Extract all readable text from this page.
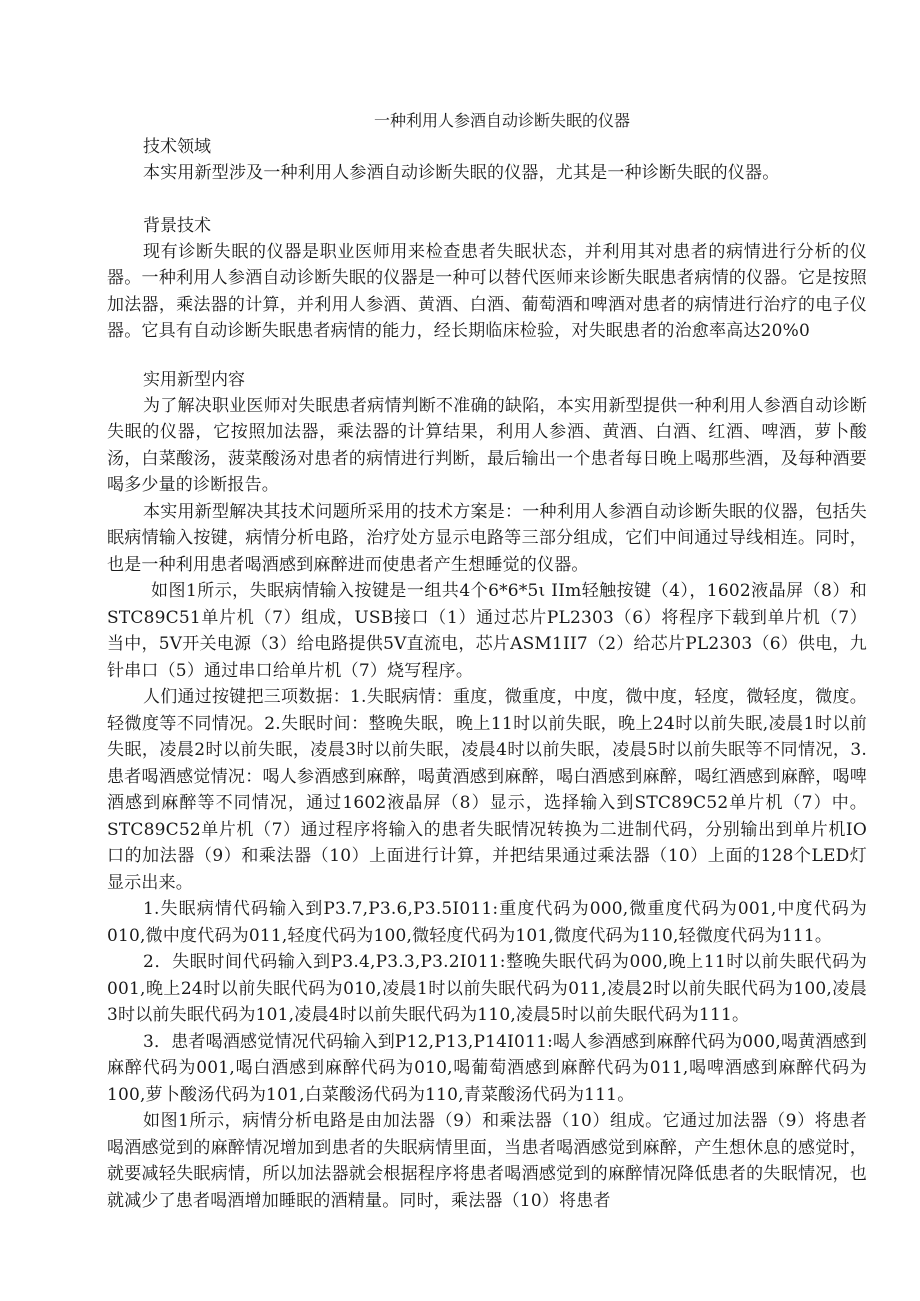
一种利用人参酒自动诊断失眠的仪器

技术领域

本实用新型涉及一种利用人参酒自动诊断失眠的仪器，尤其是一种诊断失眠的仪器。

背景技术

现有诊断失眠的仪器是职业医师用来检查患者失眠状态，并利用其对患者的病情进行分析的仪器。一种利用人参酒自动诊断失眠的仪器是一种可以替代医师来诊断失眠患者病情的仪器。它是按照加法器，乘法器的计算，并利用人参酒、黄酒、白酒、葡萄酒和啤酒对患者的病情进行治疗的电子仪器。它具有自动诊断失眠患者病情的能力，经长期临床检验，对失眠患者的治愈率高达20%0

实用新型内容

为了解决职业医师对失眠患者病情判断不准确的缺陷，本实用新型提供一种利用人参酒自动诊断失眠的仪器，它按照加法器，乘法器的计算结果，利用人参酒、黄酒、白酒、红酒、啤酒，萝卜酸汤，白菜酸汤，菠菜酸汤对患者的病情进行判断，最后输出一个患者每日晚上喝那些酒，及每种酒要喝多少量的诊断报告。

本实用新型解决其技术问题所采用的技术方案是：一种利用人参酒自动诊断失眠的仪器，包括失眠病情输入按键，病情分析电路，治疗处方显示电路等三部分组成，它们中间通过导线相连。同时，也是一种利用患者喝酒感到麻醉进而使患者产生想睡觉的仪器。

如图1所示，失眠病情输入按键是一组共4个6*6*5ι IIm轻触按键（4），1602液晶屏（8）和STC89C51单片机（7）组成，USB接口（1）通过芯片PL2303（6）将程序下载到单片机（7）当中，5V开关电源（3）给电路提供5V直流电，芯片ASM1II7（2）给芯片PL2303（6）供电，九针串口（5）通过串口给单片机（7）烧写程序。

人们通过按键把三项数据：1.失眠病情：重度，微重度，中度，微中度，轻度，微轻度，微度。轻微度等不同情况。2.失眠时间：整晚失眠，晚上11时以前失眠，晚上24时以前失眠,凌晨1时以前失眠，凌晨2时以前失眠，凌晨3时以前失眠，凌晨4时以前失眠，凌晨5时以前失眠等不同情况，3.患者喝酒感觉情况：喝人参酒感到麻醉，喝黄酒感到麻醉，喝白酒感到麻醉，喝红酒感到麻醉，喝啤酒感到麻醉等不同情况，通过1602液晶屏（8）显示，选择输入到STC89C52单片机（7）中。STC89C52单片机（7）通过程序将输入的患者失眠情况转换为二进制代码，分别输出到单片机IO口的加法器（9）和乘法器（10）上面进行计算，并把结果通过乘法器（10）上面的128个LED灯显示出来。

1.失眠病情代码输入到P3.7,P3.6,P3.5I011:重度代码为000,微重度代码为001,中度代码为010,微中度代码为011,轻度代码为100,微轻度代码为101,微度代码为110,轻微度代码为111。

2．失眠时间代码输入到P3.4,P3.3,P3.2I011:整晚失眠代码为000,晚上11时以前失眠代码为001,晚上24时以前失眠代码为010,凌晨1时以前失眠代码为011,凌晨2时以前失眠代码为100,凌晨3时以前失眠代码为101,凌晨4时以前失眠代码为110,凌晨5时以前失眠代码为111。

3．患者喝酒感觉情况代码输入到P12,P13,P14I011:喝人参酒感到麻醉代码为000,喝黄酒感到麻醉代码为001,喝白酒感到麻醉代码为010,喝葡萄酒感到麻醉代码为011,喝啤酒感到麻醉代码为100,萝卜酸汤代码为101,白菜酸汤代码为110,青菜酸汤代码为111。

如图1所示，病情分析电路是由加法器（9）和乘法器（10）组成。它通过加法器（9）将患者喝酒感觉到的麻醉情况增加到患者的失眠病情里面，当患者喝酒感觉到麻醉，产生想休息的感觉时，就要减轻失眠病情，所以加法器就会根据程序将患者喝酒感觉到的麻醉情况降低患者的失眠情况，也就减少了患者喝酒增加睡眠的酒精量。同时，乘法器（10）将患者
